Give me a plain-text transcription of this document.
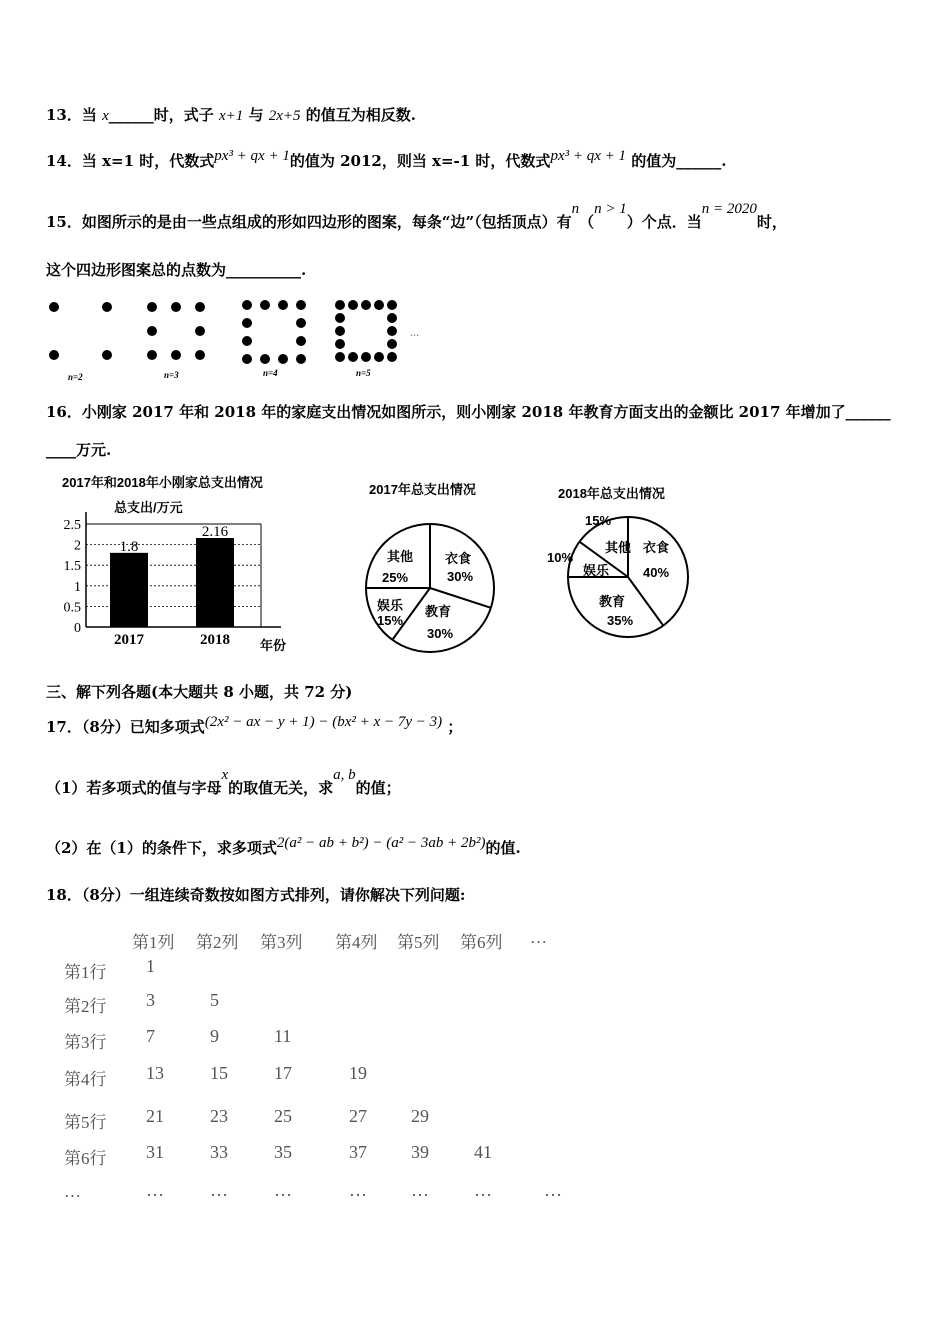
13．当 x______时，式子 x+1 与 2x+5 的值互为相反数.
14．当 x=1 时，代数式px³ + qx + 1的值为 2012，则当 x=-1 时，代数式px³ + qx + 1 的值为______.
15．如图所示的是由一些点组成的形如四边形的图案，每条“边”（包括顶点）有n（n > 1）个点．当n = 2020时，
这个四边形图案总的点数为__________.
n=2	n=3	n=4	n=5
…
16．小刚家 2017 年和 2018 年的家庭支出情况如图所示，则小刚家 2018 年教育方面支出的金额比 2017 年增加了______
____万元.
2017年和2018年小刚家总支出情况
总支出/万元
年份
0
0.5
1
1.5
2
2.5
1.8
2017
2.16
2018
2017年总支出情况
衣食
30%
教育
30%
娱乐
15%
其他
25%
2018年总支出情况
衣食
40%
教育
35%
娱乐
10%
其他
15%
三、解下列各题(本大题共 8 小题，共 72 分)
17．（8分）已知多项式(2x² − ax − y + 1) − (bx² + x − 7y − 3) ；
（1）若多项式的值与字母x的取值无关，求a, b的值；
（2）在（1）的条件下，求多项式2(a² − ab + b²) − (a² − 3ab + 2b²)的值.
18．（8分）一组连续奇数按如图方式排列，请你解决下列问题:
第1列 第2列 第3列 第4列 第5列 第6列 …
第1行 1
第2行 3	5
第3行 7	9	11
第4行 13	15	17	19
第5行 21	23	25	27 29
第6行 31	33	35	37 39	41
…	…	…	…	… …	…	…
